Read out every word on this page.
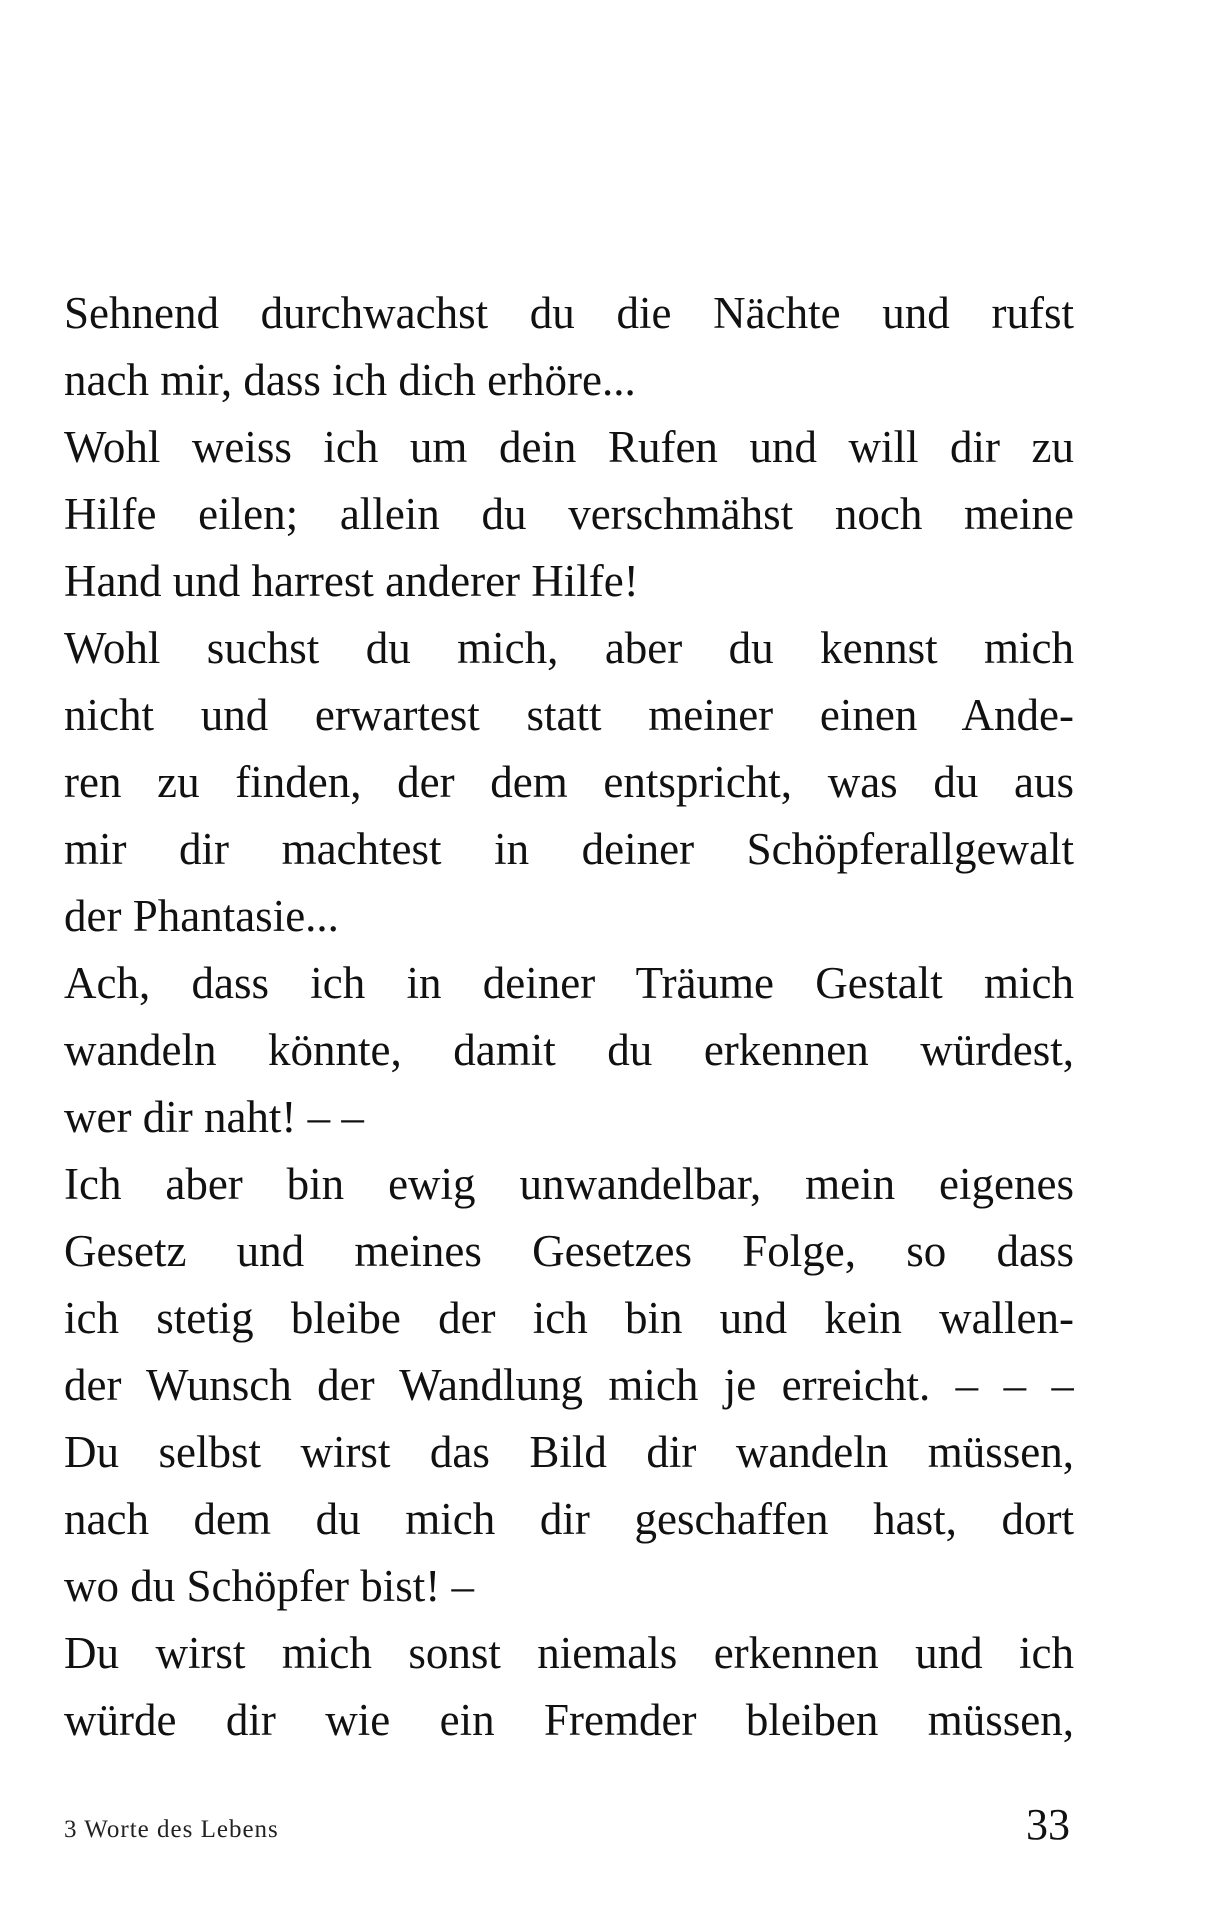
Sehnend durchwachst du die Nächte und rufst
nach mir, dass ich dich erhöre...
Wohl weiss ich um dein Rufen und will dir zu
Hilfe eilen; allein du verschmähst noch meine
Hand und harrest anderer Hilfe!
Wohl suchst du mich, aber du kennst mich
nicht und erwartest statt meiner einen Ande-
ren zu finden, der dem entspricht, was du aus
mir dir machtest in deiner Schöpferallgewalt
der Phantasie...
Ach, dass ich in deiner Träume Gestalt mich
wandeln könnte, damit du erkennen würdest,
wer dir naht! – –
Ich aber bin ewig unwandelbar, mein eigenes
Gesetz und meines Gesetzes Folge, so dass
ich stetig bleibe der ich bin und kein wallen-
der Wunsch der Wandlung mich je erreicht. – – –
Du selbst wirst das Bild dir wandeln müssen,
nach dem du mich dir geschaffen hast, dort
wo du Schöpfer bist! –
Du wirst mich sonst niemals erkennen und ich
würde dir wie ein Fremder bleiben müssen,
3 Worte des Lebens	33
